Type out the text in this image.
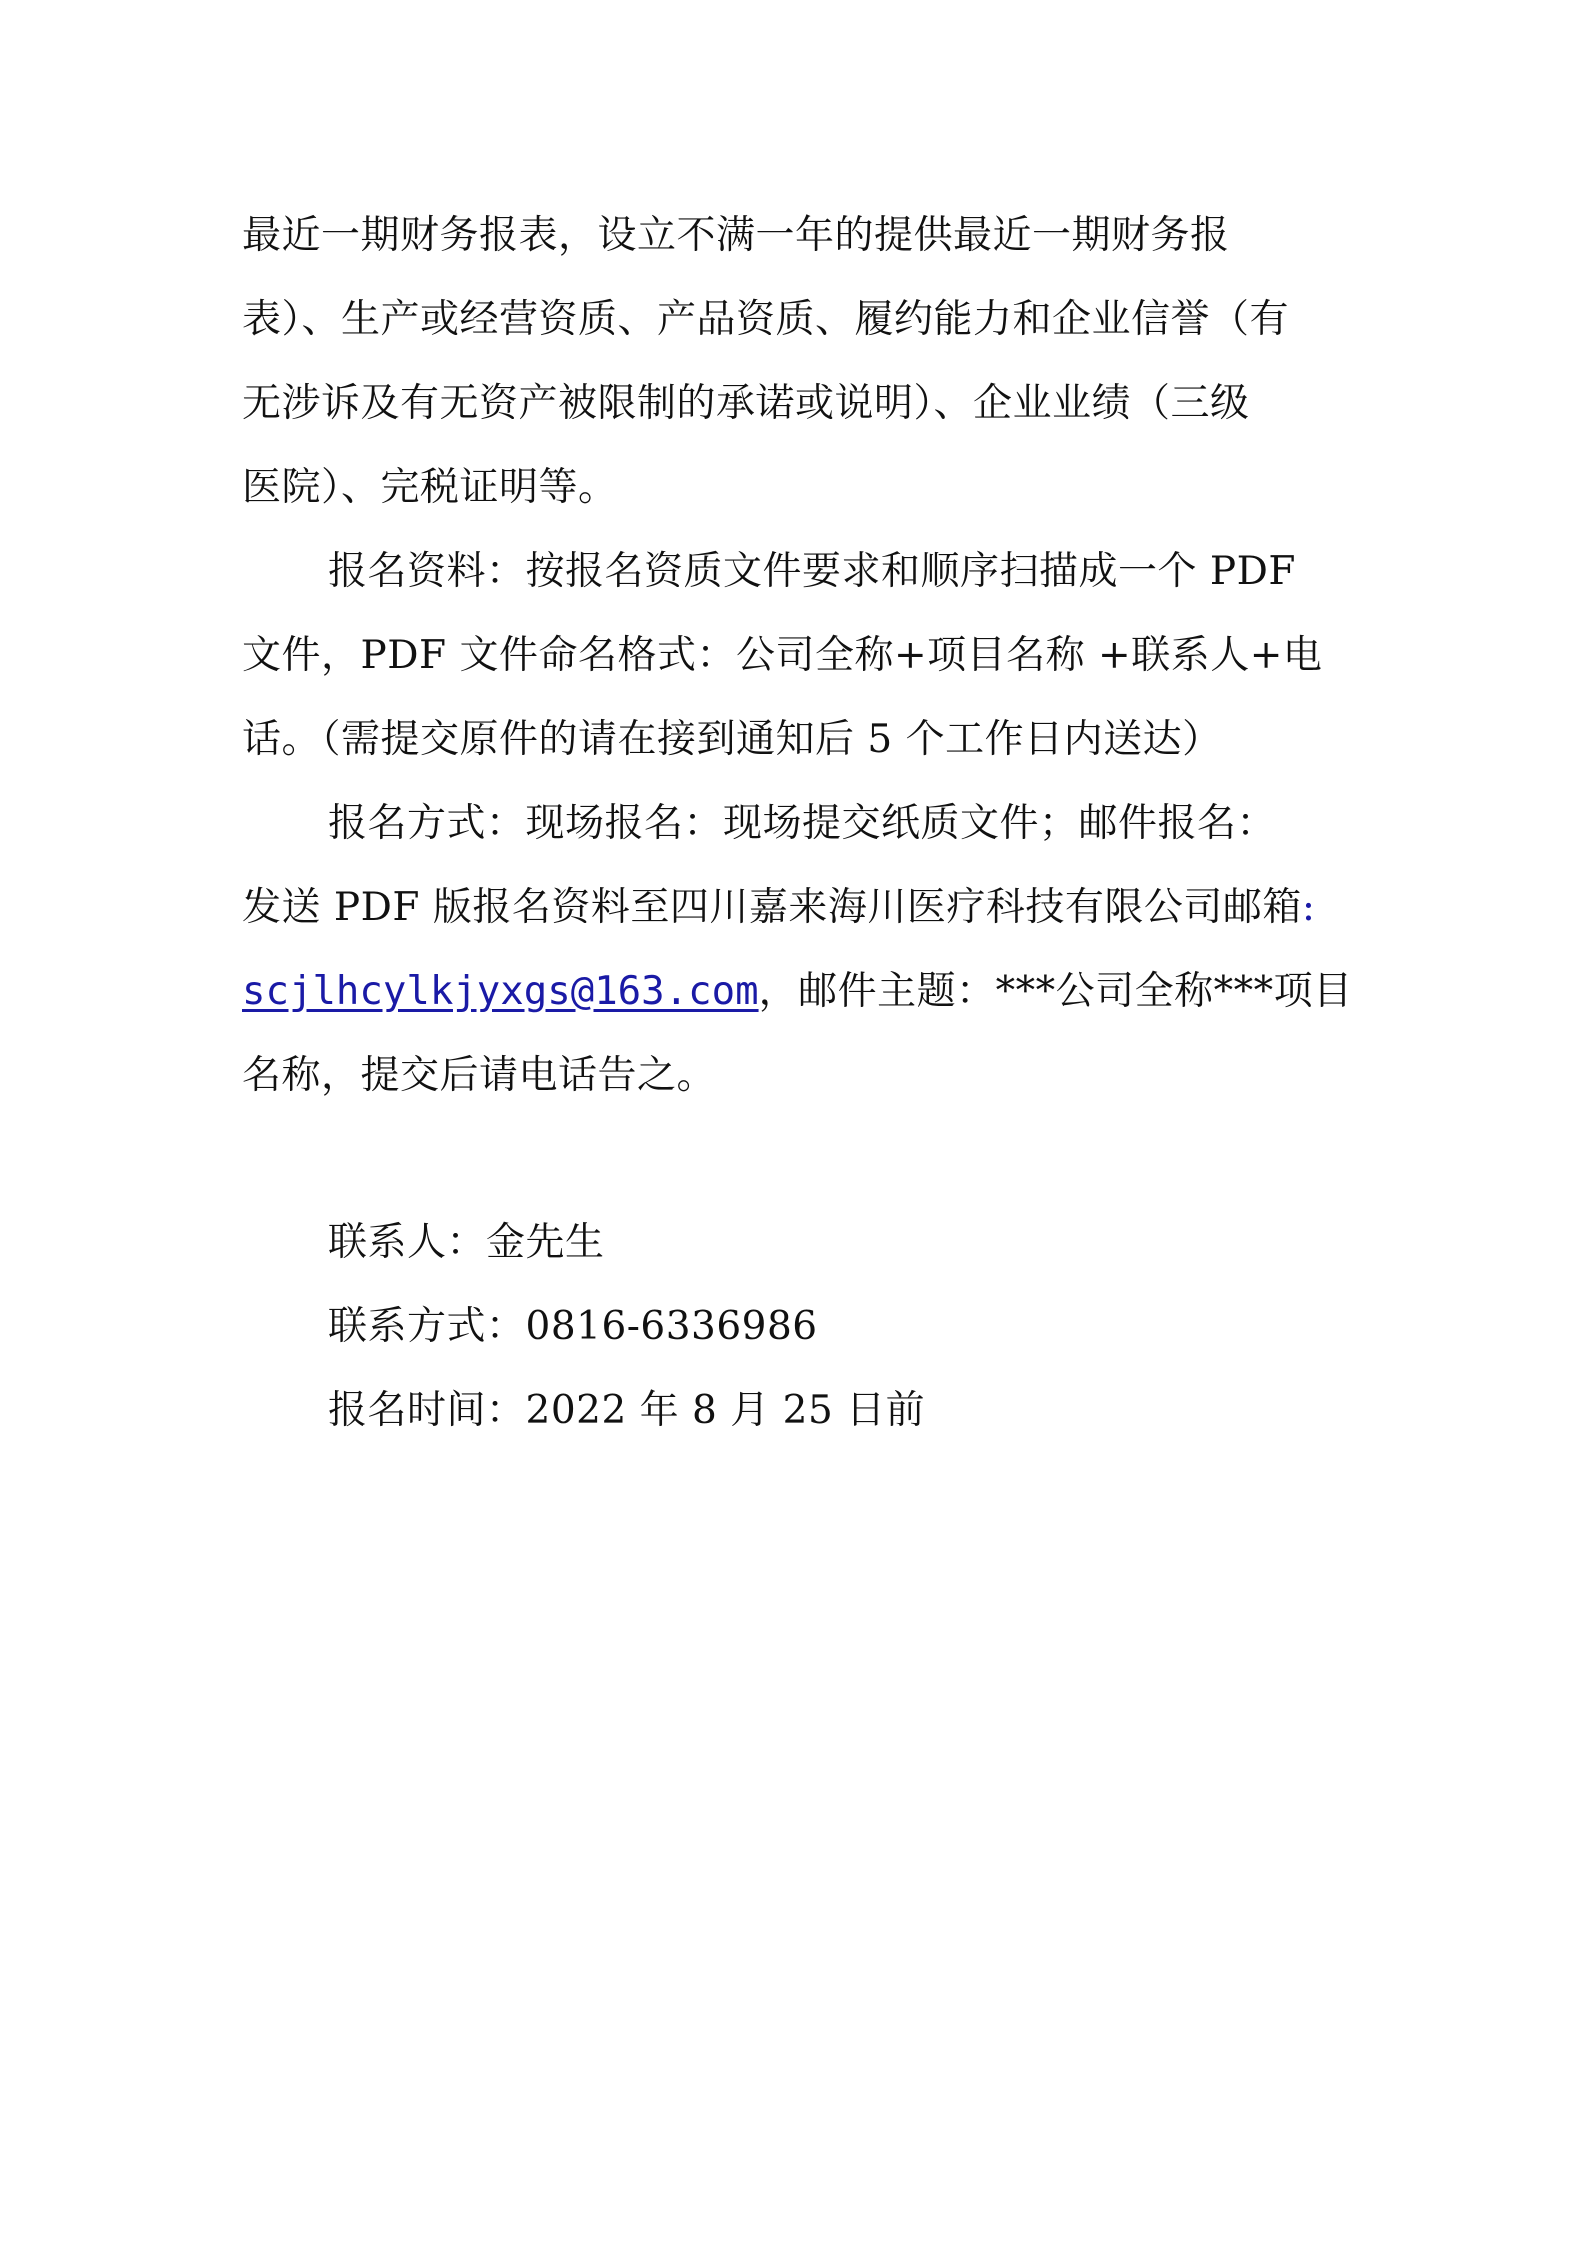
最近一期财务报表，设立不满一年的提供最近一期财务报
表）、生产或经营资质、产品资质、履约能力和企业信誉（有
无涉诉及有无资产被限制的承诺或说明）、企业业绩（三级
医院）、完税证明等。
报名资料：按报名资质文件要求和顺序扫描成一个 PDF
文件，PDF 文件命名格式：公司全称+项目名称 +联系人+电
话。（需提交原件的请在接到通知后 5 个工作日内送达）
报名方式：现场报名：现场提交纸质文件；邮件报名：
发送 PDF 版报名资料至四川嘉来海川医疗科技有限公司邮箱:
scjlhcylkjyxgs@163.com，邮件主题：***公司全称***项目
名称，提交后请电话告之。
联系人：金先生
联系方式：0816-6336986
报名时间：2022 年 8 月 25 日前
